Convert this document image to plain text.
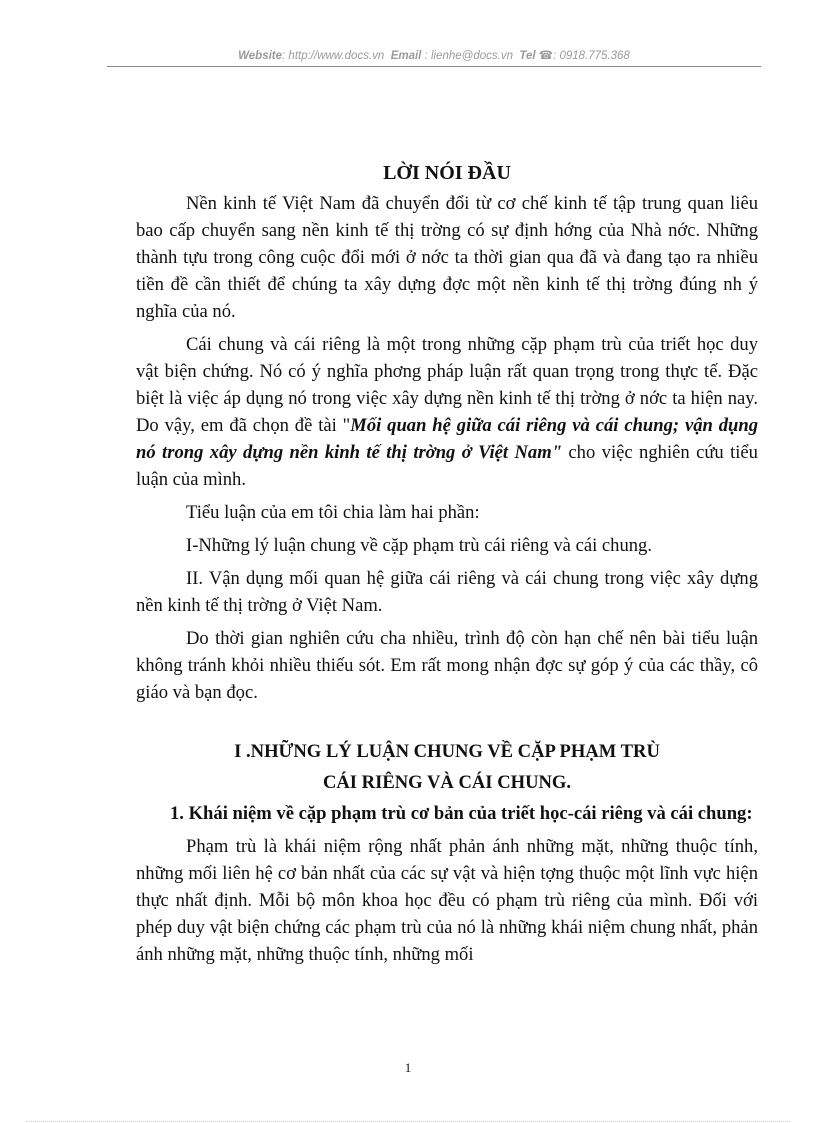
Website: http://www.docs.vn Email : lienhe@docs.vn Tel ☎: 0918.775.368
LỜI NÓI ĐẦU

Nền kinh tế Việt Nam đã chuyển đổi từ cơ chế kinh tế tập trung quan liêu bao cấp chuyển sang nền kinh tế thị trờng có sự định hớng của Nhà nớc. Những thành tựu trong công cuộc đổi mới ở nớc ta thời gian qua đã và đang tạo ra nhiều tiền đề cần thiết để chúng ta xây dựng đợc một nền kinh tế thị trờng đúng nh ý nghĩa của nó.

Cái chung và cái riêng là một trong những cặp phạm trù của triết học duy vật biện chứng. Nó có ý nghĩa phơng pháp luận rất quan trọng trong thực tế. Đặc biệt là việc áp dụng nó trong việc xây dựng nền kinh tế thị trờng ở nớc ta hiện nay. Do vậy, em đã chọn đề tài "Mối quan hệ giữa cái riêng và cái chung; vận dụng nó trong xây dựng nền kinh tế thị trờng ở Việt Nam" cho việc nghiên cứu tiểu luận của mình.

Tiểu luận của em tôi chia làm hai phần:

I-Những lý luận chung về cặp phạm trù cái riêng và cái chung.

II. Vận dụng mối quan hệ giữa cái riêng và cái chung trong việc xây dựng nền kinh tế thị trờng ở Việt Nam.

Do thời gian nghiên cứu cha nhiều, trình độ còn hạn chế nên bài tiểu luận không tránh khỏi nhiều thiếu sót. Em rất mong nhận đợc sự góp ý của các thầy, cô giáo và bạn đọc.

I .NHỮNG LÝ LUẬN CHUNG VỀ CẶP PHẠM TRÙ
CÁI RIÊNG VÀ CÁI CHUNG.

1. Khái niệm về cặp phạm trù cơ bản của triết học-cái riêng và cái chung:

Phạm trù là khái niệm rộng nhất phản ánh những mặt, những thuộc tính, những mối liên hệ cơ bản nhất của các sự vật và hiện tợng thuộc một lĩnh vực hiện thực nhất định. Mỗi bộ môn khoa học đều có phạm trù riêng của mình. Đối với phép duy vật biện chứng các phạm trù của nó là những khái niệm chung nhất, phản ánh những mặt, những thuộc tính, những mối

1
